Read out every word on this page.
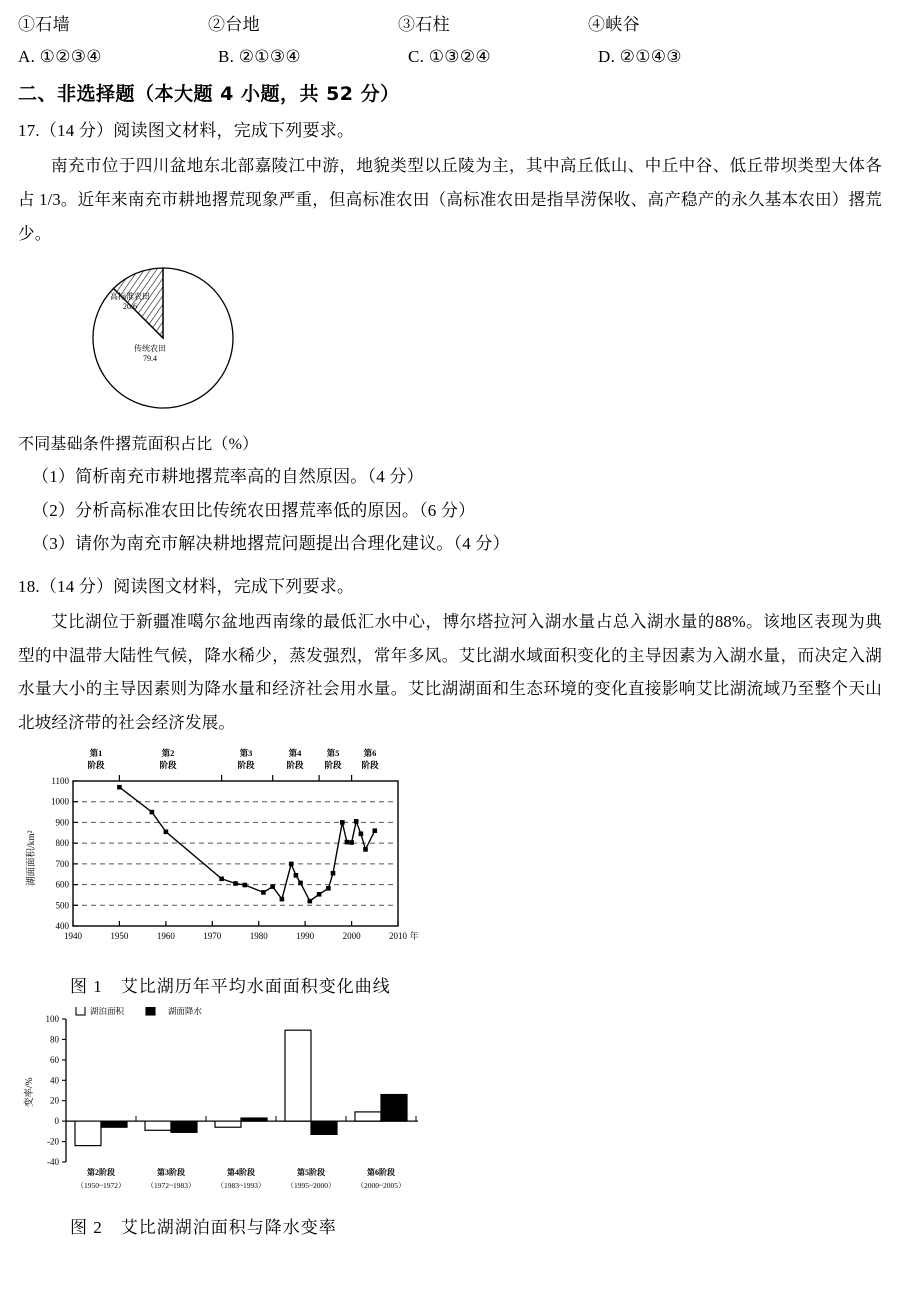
①石墙	②台地	③石柱	④峡谷
A. ①②③④	B. ②①③④	C. ①③②④	D. ②①④③
二、非选择题（本大题 4 小题，共 52 分）
17.（14 分）阅读图文材料，完成下列要求。
南充市位于四川盆地东北部嘉陵江中游，地貌类型以丘陵为主，其中高丘低山、中丘中谷、低丘带坝类型大体各占 1/3。近年来南充市耕地撂荒现象严重，但高标准农田（高标准农田是指旱涝保收、高产稳产的永久基本农田）撂荒少。
高标准农田
20.6
传统农田
79.4
不同基础条件撂荒面积占比（%）
（1）简析南充市耕地撂荒率高的自然原因。（4 分）
（2）分析高标准农田比传统农田撂荒率低的原因。（6 分）
（3）请你为南充市解决耕地撂荒问题提出合理化建议。（4 分）
18.（14 分）阅读图文材料，完成下列要求。
艾比湖位于新疆准噶尔盆地西南缘的最低汇水中心，博尔塔拉河入湖水量占总入湖水量的88%。该地区表现为典型的中温带大陆性气候，降水稀少，蒸发强烈，常年多风。艾比湖水域面积变化的主导因素为入湖水量，而决定入湖水量大小的主导因素则为降水量和经济社会用水量。艾比湖湖面和生态环境的变化直接影响艾比湖流域乃至整个天山北坡经济带的社会经济发展。
400
500
600
700
800
900
1000
1100
湖面面积/km²
1940	1950	1960	1970	1980	1990	2000	2010 年
第1
阶段
第2
阶段
第3
阶段
第4
阶段
第5
阶段
第6
阶段
图 1　艾比湖历年平均水面面积变化曲线
100
80
60
40
20
0
-20
-40
变率/%
湖泊面积	湖面降水
第2阶段	第3阶段	第4阶段	第5阶段	第6阶段
（1950~1972）	（1972~1983）	（1983~1993）	（1995~2000）	（2000~2005）
图 2　艾比湖湖泊面积与降水变率
